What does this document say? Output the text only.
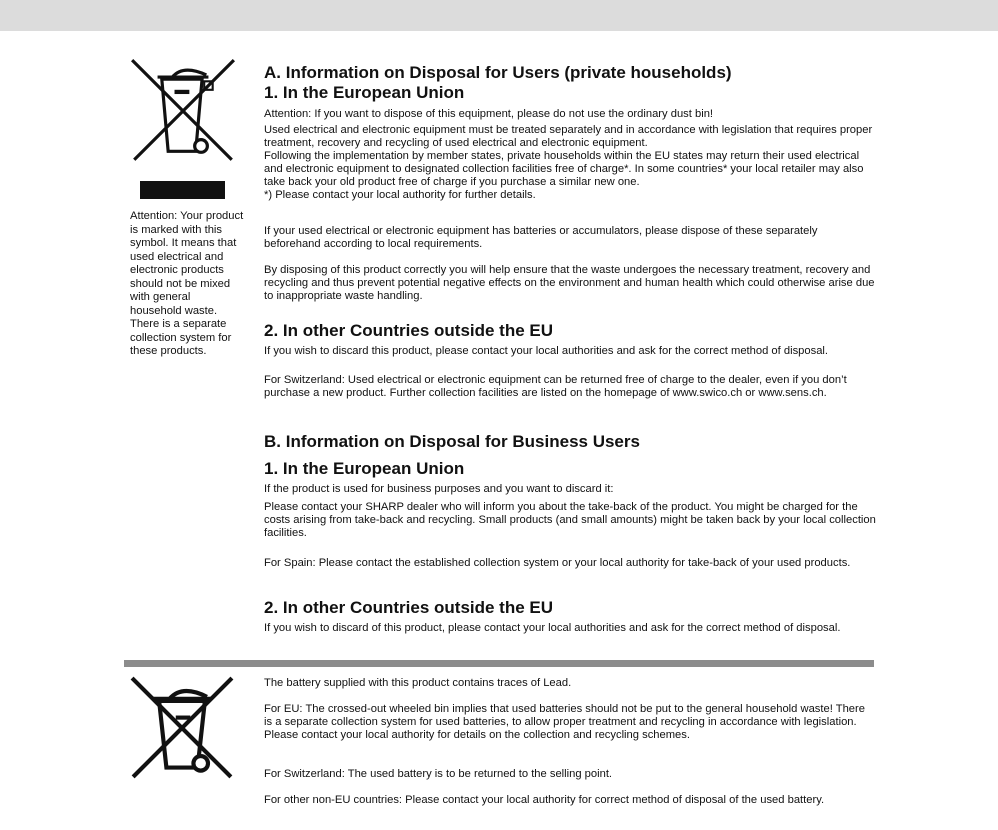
Attention: Your product is marked with this symbol. It means that used electrical and electronic products should not be mixed with general household waste. There is a separate collection system for these products.
A. Information on Disposal for Users (private households)
1. In the European Union

Attention: If you want to dispose of this equipment, please do not use the ordinary dust bin!

Used electrical and electronic equipment must be treated separately and in accordance with legislation that requires proper treatment, recovery and recycling of used electrical and electronic equipment.

Following the implementation by member states, private households within the EU states may return their used electrical and electronic equipment to designated collection facilities free of charge*. In some countries* your local retailer may also take back your old product free of charge if you purchase a similar new one.

*) Please contact your local authority for further details.

If your used electrical or electronic equipment has batteries or accumulators, please dispose of these separately beforehand according to local requirements.

By disposing of this product correctly you will help ensure that the waste undergoes the necessary treatment, recovery and recycling and thus prevent potential negative effects on the environment and human health which could otherwise arise due to inappropriate waste handling.

2. In other Countries outside the EU

If you wish to discard this product, please contact your local authorities and ask for the correct method of disposal.

For Switzerland: Used electrical or electronic equipment can be returned free of charge to the dealer, even if you don’t purchase a new product. Further collection facilities are listed on the homepage of www.swico.ch or www.sens.ch.

B. Information on Disposal for Business Users
1. In the European Union

If the product is used for business purposes and you want to discard it:

Please contact your SHARP dealer who will inform you about the take-back of the product. You might be charged for the costs arising from take-back and recycling. Small products (and small amounts) might be taken back by your local collection facilities.

For Spain: Please contact the established collection system or your local authority for take-back of your used products.

2. In other Countries outside the EU

If you wish to discard of this product, please contact your local authorities and ask for the correct method of disposal.

The battery supplied with this product contains traces of Lead.

For EU: The crossed-out wheeled bin implies that used batteries should not be put to the general household waste! There is a separate collection system for used batteries, to allow proper treatment and recycling in accordance with legislation. Please contact your local authority for details on the collection and recycling schemes.

For Switzerland: The used battery is to be returned to the selling point.

For other non-EU countries: Please contact your local authority for correct method of disposal of the used battery.
